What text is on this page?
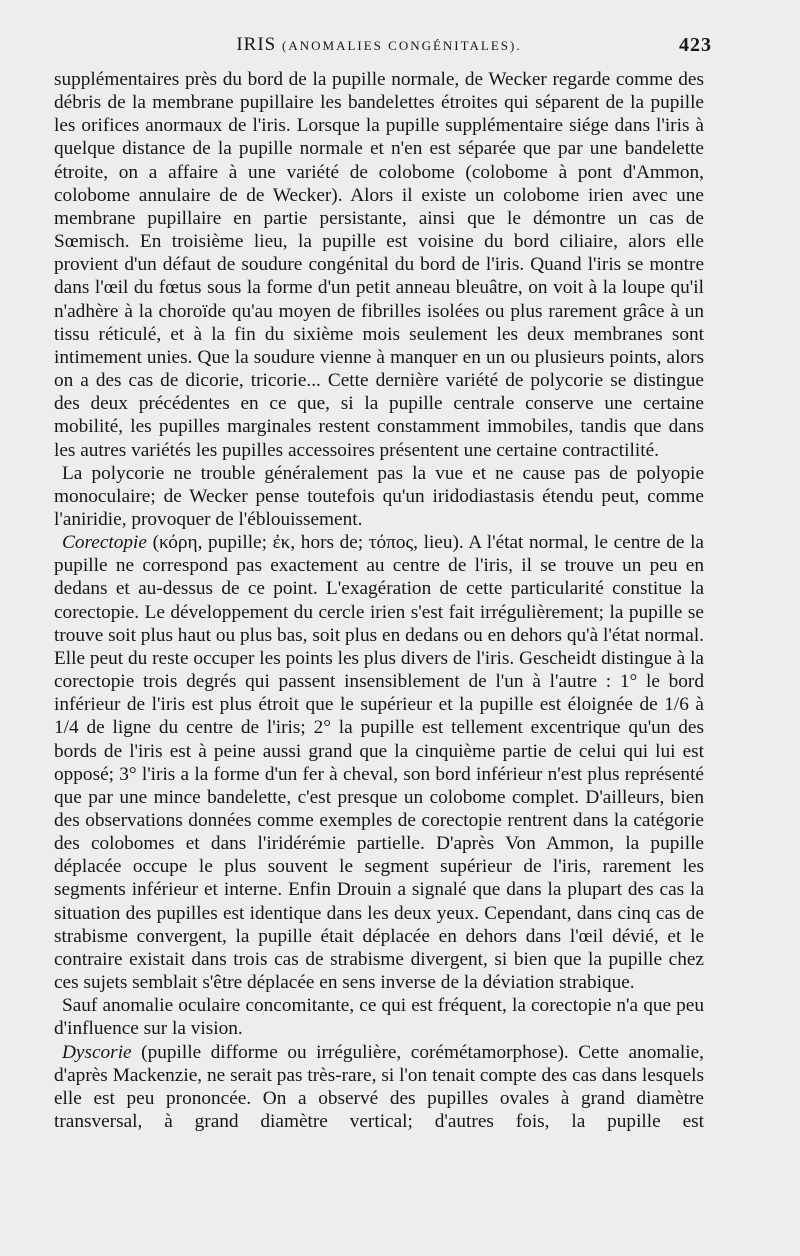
IRIS (ANOMALIES CONGÉNITALES).	423

supplémentaires près du bord de la pupille normale, de Wecker regarde comme des débris de la membrane pupillaire les bandelettes étroites qui séparent de la pupille les orifices anormaux de l'iris. Lorsque la pupille supplémentaire siége dans l'iris à quelque distance de la pupille normale et n'en est séparée que par une bandelette étroite, on a affaire à une variété de colobome (colobome à pont d'Ammon, colobome annulaire de de Wecker). Alors il existe un colobome irien avec une membrane pupillaire en partie persistante, ainsi que le démontre un cas de Sœmisch. En troisième lieu, la pupille est voisine du bord ciliaire, alors elle provient d'un défaut de soudure congénital du bord de l'iris. Quand l'iris se montre dans l'œil du fœtus sous la forme d'un petit anneau bleuâtre, on voit à la loupe qu'il n'adhère à la choroïde qu'au moyen de fibrilles isolées ou plus rarement grâce à un tissu réticulé, et à la fin du sixième mois seulement les deux membranes sont intimement unies. Que la soudure vienne à manquer en un ou plusieurs points, alors on a des cas de dicorie, tricorie... Cette dernière variété de polycorie se distingue des deux précédentes en ce que, si la pupille centrale conserve une certaine mobilité, les pupilles marginales restent constamment immobiles, tandis que dans les autres variétés les pupilles accessoires présentent une certaine contractilité.

La polycorie ne trouble généralement pas la vue et ne cause pas de polyopie monoculaire; de Wecker pense toutefois qu'un iridodiastasis étendu peut, comme l'aniridie, provoquer de l'éblouissement.

Corectopie (κόρη, pupille; ἐκ, hors de; τόπος, lieu). A l'état normal, le centre de la pupille ne correspond pas exactement au centre de l'iris, il se trouve un peu en dedans et au-dessus de ce point. L'exagération de cette particularité constitue la corectopie. Le développement du cercle irien s'est fait irrégulièrement; la pupille se trouve soit plus haut ou plus bas, soit plus en dedans ou en dehors qu'à l'état normal. Elle peut du reste occuper les points les plus divers de l'iris. Gescheidt distingue à la corectopie trois degrés qui passent insensiblement de l'un à l'autre : 1° le bord inférieur de l'iris est plus étroit que le supérieur et la pupille est éloignée de 1/6 à 1/4 de ligne du centre de l'iris; 2° la pupille est tellement excentrique qu'un des bords de l'iris est à peine aussi grand que la cinquième partie de celui qui lui est opposé; 3° l'iris a la forme d'un fer à cheval, son bord inférieur n'est plus représenté que par une mince bandelette, c'est presque un colobome complet. D'ailleurs, bien des observations données comme exemples de corectopie rentrent dans la catégorie des colobomes et dans l'iridérémie partielle. D'après Von Ammon, la pupille déplacée occupe le plus souvent le segment supérieur de l'iris, rarement les segments inférieur et interne. Enfin Drouin a signalé que dans la plupart des cas la situation des pupilles est identique dans les deux yeux. Cependant, dans cinq cas de strabisme convergent, la pupille était déplacée en dehors dans l'œil dévié, et le contraire existait dans trois cas de strabisme divergent, si bien que la pupille chez ces sujets semblait s'être déplacée en sens inverse de la déviation strabique.

Sauf anomalie oculaire concomitante, ce qui est fréquent, la corectopie n'a que peu d'influence sur la vision.

Dyscorie (pupille difforme ou irrégulière, corémétamorphose). Cette anomalie, d'après Mackenzie, ne serait pas très-rare, si l'on tenait compte des cas dans lesquels elle est peu prononcée. On a observé des pupilles ovales à grand diamètre transversal, à grand diamètre vertical; d'autres fois, la pupille est
